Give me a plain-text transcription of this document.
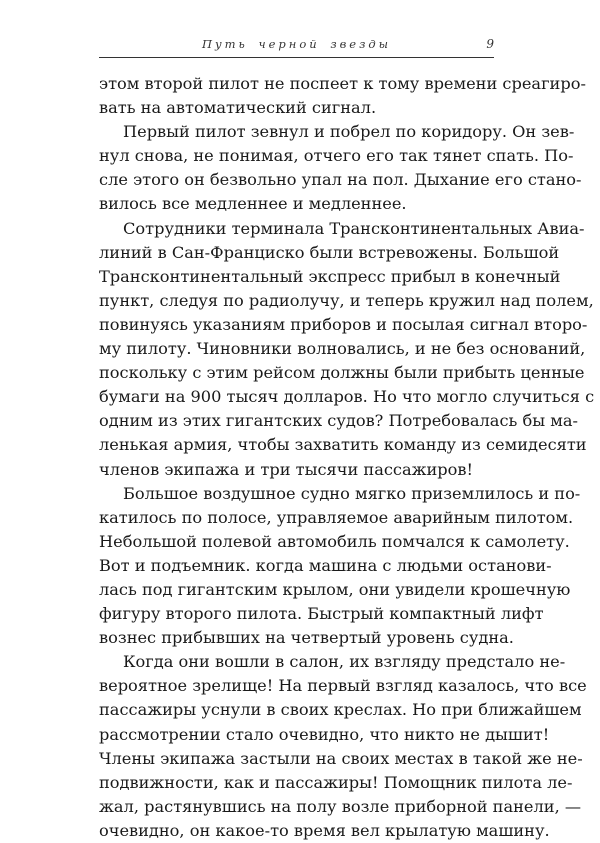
Путь черной звезды	9
этом второй пилот не поспеет к тому времени среагиро-
вать на автоматический сигнал.
Первый пилот зевнул и побрел по коридору. Он зев-
нул снова, не понимая, отчего его так тянет спать. По-
сле этого он безвольно упал на пол. Дыхание его стано-
вилось все медленнее и медленнее.
Сотрудники терминала Трансконтинентальных Авиа-
линий в Сан-Франциско были встревожены. Большой
Трансконтинентальный экспресс прибыл в конечный
пункт, следуя по радиолучу, и теперь кружил над полем,
повинуясь указаниям приборов и посылая сигнал второ-
му пилоту. Чиновники волновались, и не без оснований,
поскольку с этим рейсом должны были прибыть ценные
бумаги на 900 тысяч долларов. Но что могло случиться с
одним из этих гигантских судов? Потребовалась бы ма-
ленькая армия, чтобы захватить команду из семидесяти
членов экипажа и три тысячи пассажиров!
Большое воздушное судно мягко приземлилось и по-
катилось по полосе, управляемое аварийным пилотом.
Небольшой полевой автомобиль помчался к самолету.
Вот и подъемник. когда машина с людьми останови-
лась под гигантским крылом, они увидели крошечную
фигуру второго пилота. Быстрый компактный лифт
вознес прибывших на четвертый уровень судна.
Когда они вошли в салон, их взгляду предстало не-
вероятное зрелище! На первый взгляд казалось, что все
пассажиры уснули в своих креслах. Но при ближайшем
рассмотрении стало очевидно, что никто не дышит!
Члены экипажа застыли на своих местах в такой же не-
подвижности, как и пассажиры! Помощник пилота ле-
жал, растянувшись на полу возле приборной панели, —
очевидно, он какое-то время вел крылатую машину.
